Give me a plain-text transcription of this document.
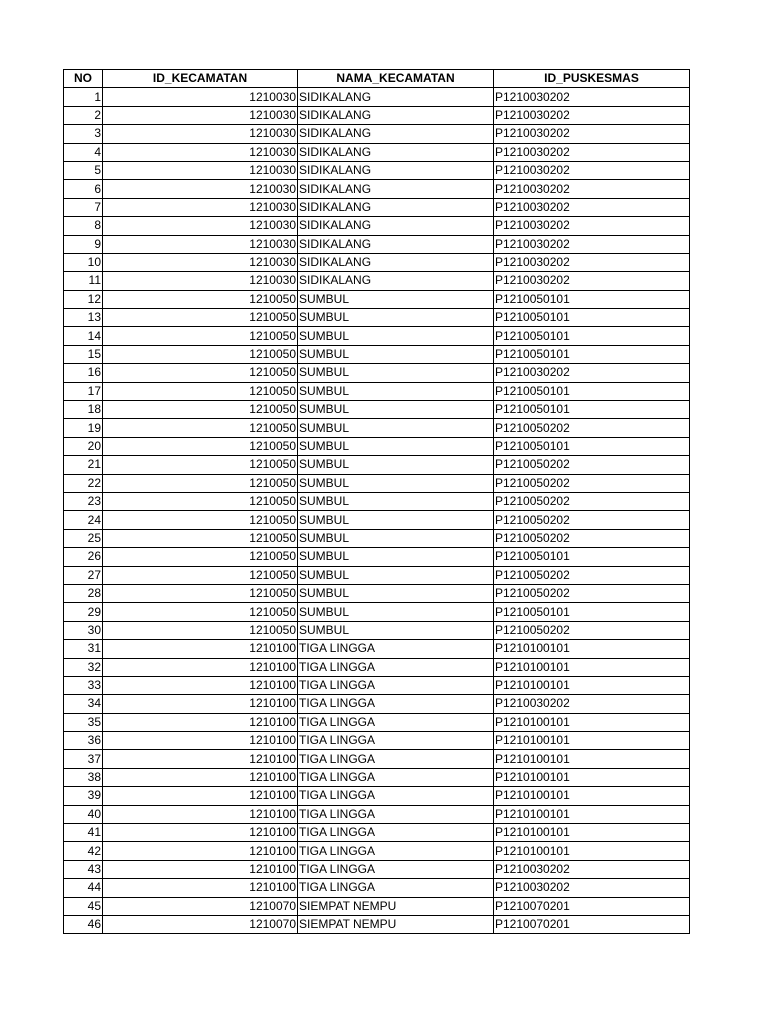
NO	ID_KECAMATAN	NAMA_KECAMATAN	ID_PUSKESMAS
1	1210030	SIDIKALANG	P1210030202
2	1210030	SIDIKALANG	P1210030202
3	1210030	SIDIKALANG	P1210030202
4	1210030	SIDIKALANG	P1210030202
5	1210030	SIDIKALANG	P1210030202
6	1210030	SIDIKALANG	P1210030202
7	1210030	SIDIKALANG	P1210030202
8	1210030	SIDIKALANG	P1210030202
9	1210030	SIDIKALANG	P1210030202
10	1210030	SIDIKALANG	P1210030202
11	1210030	SIDIKALANG	P1210030202
12	1210050	SUMBUL	P1210050101
13	1210050	SUMBUL	P1210050101
14	1210050	SUMBUL	P1210050101
15	1210050	SUMBUL	P1210050101
16	1210050	SUMBUL	P1210030202
17	1210050	SUMBUL	P1210050101
18	1210050	SUMBUL	P1210050101
19	1210050	SUMBUL	P1210050202
20	1210050	SUMBUL	P1210050101
21	1210050	SUMBUL	P1210050202
22	1210050	SUMBUL	P1210050202
23	1210050	SUMBUL	P1210050202
24	1210050	SUMBUL	P1210050202
25	1210050	SUMBUL	P1210050202
26	1210050	SUMBUL	P1210050101
27	1210050	SUMBUL	P1210050202
28	1210050	SUMBUL	P1210050202
29	1210050	SUMBUL	P1210050101
30	1210050	SUMBUL	P1210050202
31	1210100	TIGA LINGGA	P1210100101
32	1210100	TIGA LINGGA	P1210100101
33	1210100	TIGA LINGGA	P1210100101
34	1210100	TIGA LINGGA	P1210030202
35	1210100	TIGA LINGGA	P1210100101
36	1210100	TIGA LINGGA	P1210100101
37	1210100	TIGA LINGGA	P1210100101
38	1210100	TIGA LINGGA	P1210100101
39	1210100	TIGA LINGGA	P1210100101
40	1210100	TIGA LINGGA	P1210100101
41	1210100	TIGA LINGGA	P1210100101
42	1210100	TIGA LINGGA	P1210100101
43	1210100	TIGA LINGGA	P1210030202
44	1210100	TIGA LINGGA	P1210030202
45	1210070	SIEMPAT NEMPU	P1210070201
46	1210070	SIEMPAT NEMPU	P1210070201
